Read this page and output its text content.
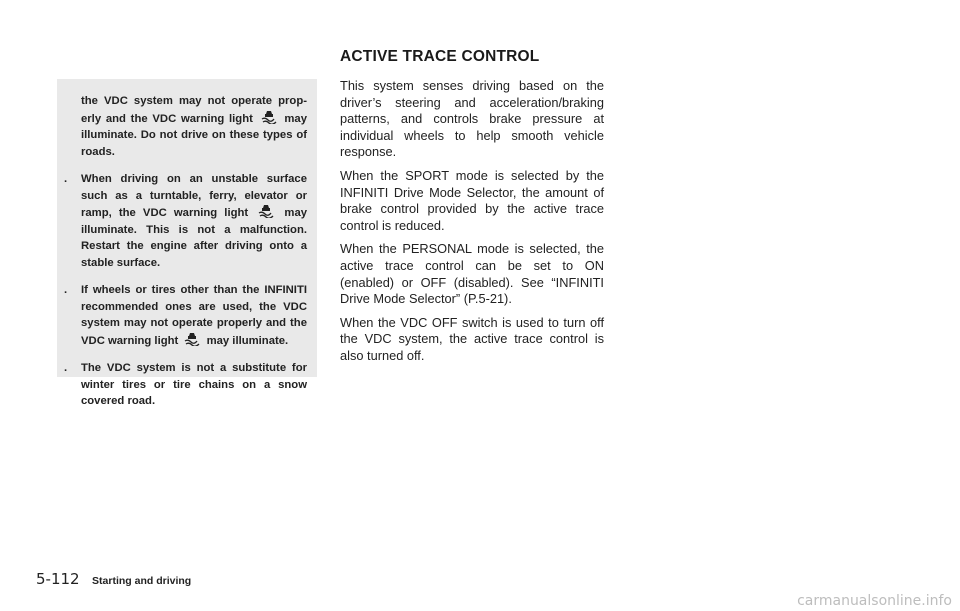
the VDC system may not operate prop- erly and the VDC warning light	may illuminate. Do not drive on these types of roads.

. When driving on an unstable surface such as a turntable, ferry, elevator or ramp, the VDC warning light	may illuminate. This is not a malfunction. Restart the engine after driving onto a stable surface.

. If wheels or tires other than the INFINITI recommended ones are used, the VDC system may not operate properly and the VDC warning light	may illuminate.

. The VDC system is not a substitute for winter tires or tire chains on a snow covered road.

ACTIVE TRACE CONTROL

This system senses driving based on the driver’s steering and acceleration/braking patterns, and controls brake pressure at individual wheels to help smooth vehicle response.

When the SPORT mode is selected by the INFINITI Drive Mode Selector, the amount of brake control provided by the active trace control is reduced.

When the PERSONAL mode is selected, the active trace control can be set to ON (enabled) or OFF (disabled). See “INFINITI Drive Mode Selector” (P.5-21).

When the VDC OFF switch is used to turn off the VDC system, the active trace control is also turned off.

5-112 Starting and driving
carmanualsonline.info
